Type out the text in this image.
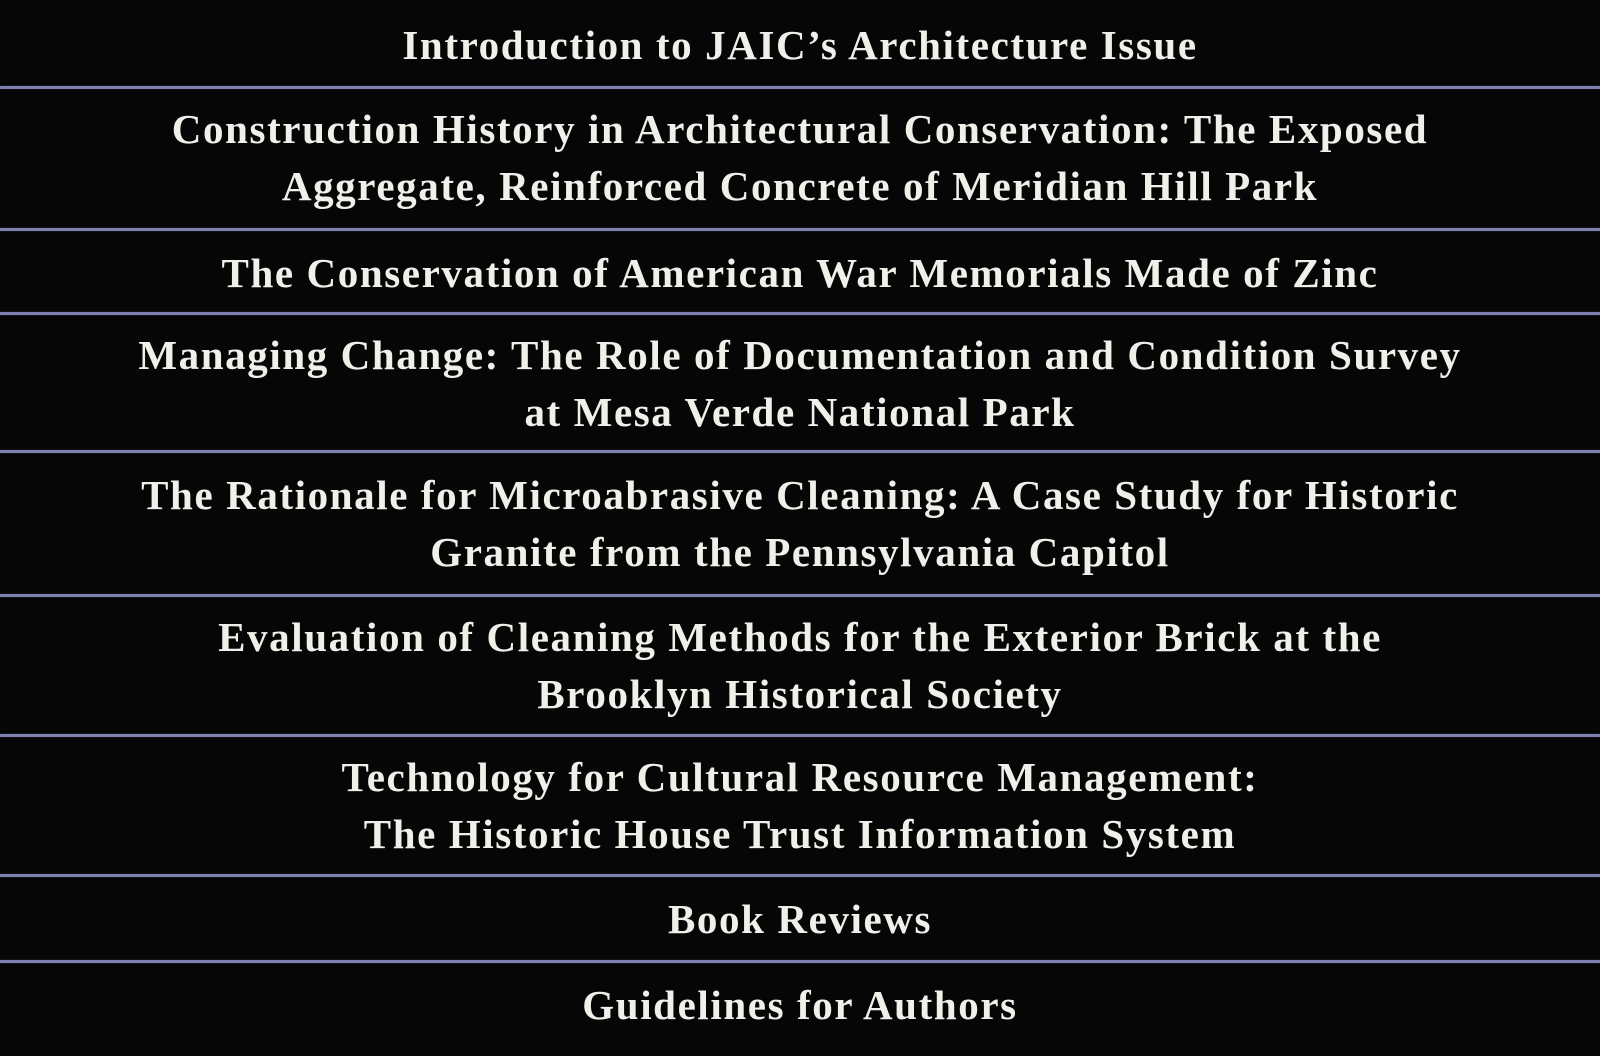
Introduction to JAIC’s Architecture Issue
Construction History in Architectural Conservation: The Exposed
Aggregate, Reinforced Concrete of Meridian Hill Park
The Conservation of American War Memorials Made of Zinc
Managing Change: The Role of Documentation and Condition Survey
at Mesa Verde National Park
The Rationale for Microabrasive Cleaning: A Case Study for Historic
Granite from the Pennsylvania Capitol
Evaluation of Cleaning Methods for the Exterior Brick at the
Brooklyn Historical Society
Technology for Cultural Resource Management:
The Historic House Trust Information System
Book Reviews
Guidelines for Authors
